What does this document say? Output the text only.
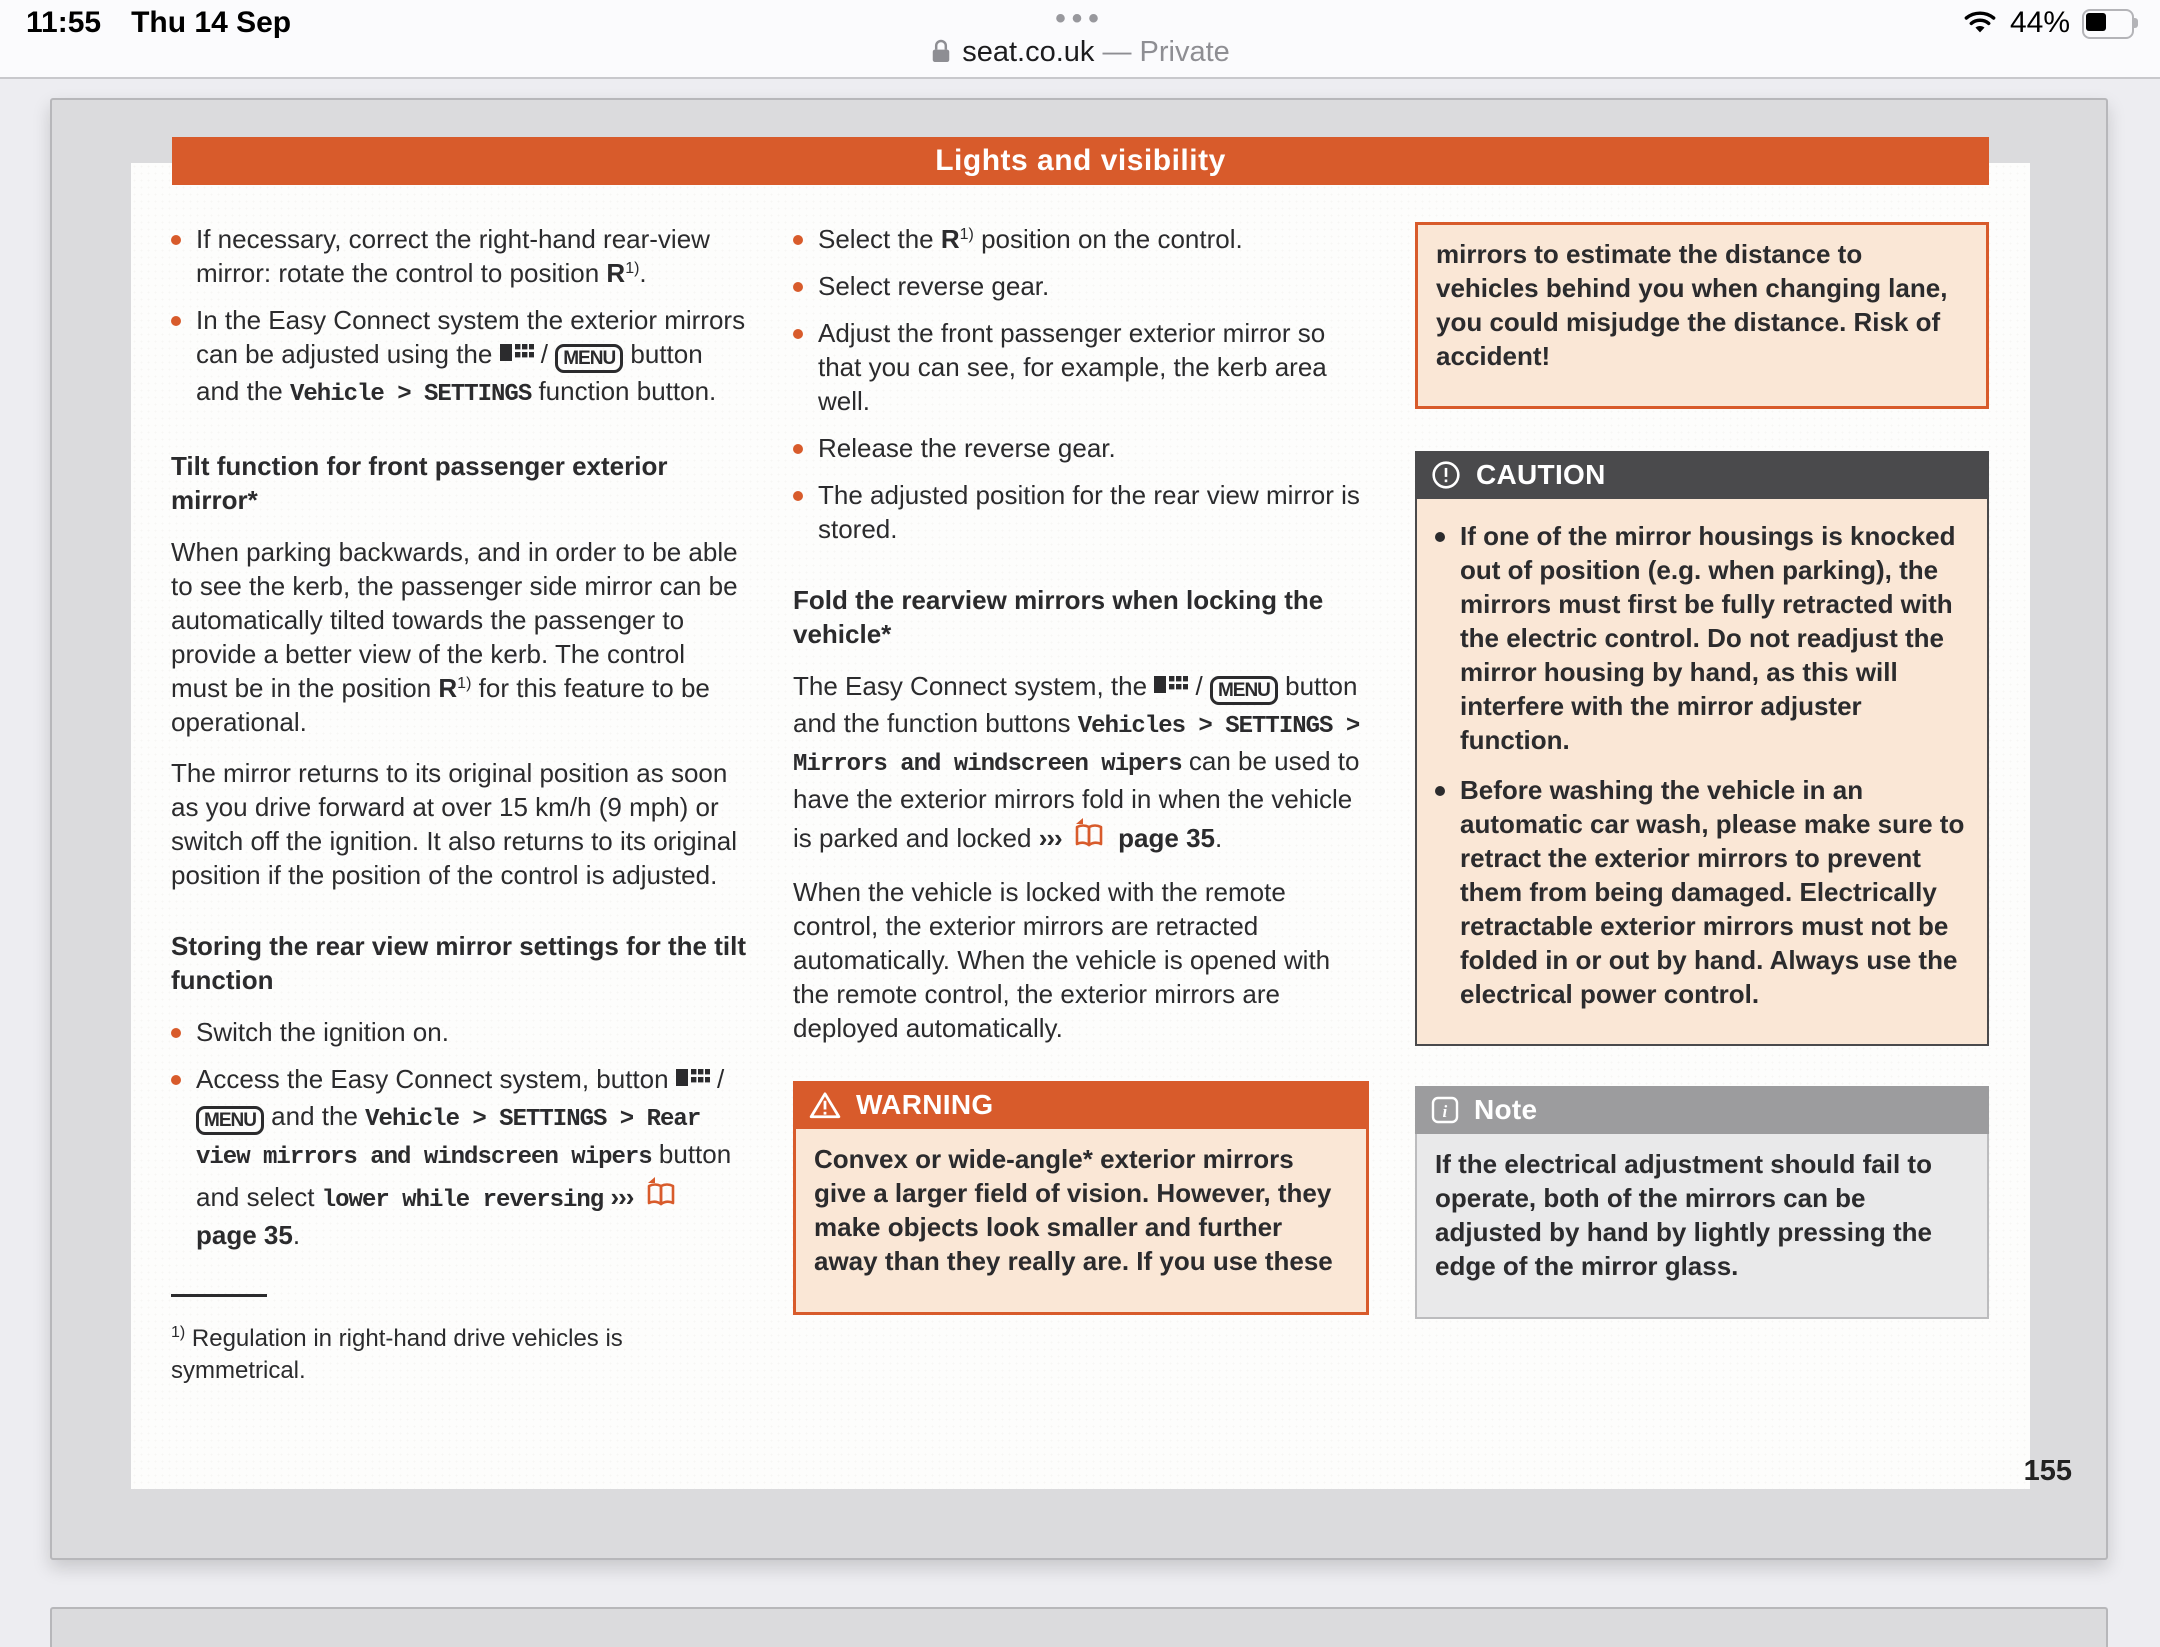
11:55 Thu 14 Sep	•••
seat.co.uk — Private
44%
If necessary, correct the right-hand rear-view mirror: rotate the control to position R$^{1)}$.
In the Easy Connect system the exterior mirrors can be adjusted using the  / MENU button and the Vehicle > SETTINGS function button.
Tilt function for front passenger exterior mirror*
When parking backwards, and in order to be able to see the kerb, the passenger side mirror can be automatically tilted towards the passenger to provide a better view of the kerb. The control must be in the position R$^{1)}$ for this feature to be operational.
The mirror returns to its original position as soon as you drive forward at over 15 km/h (9 mph) or switch off the ignition. It also returns to its original position if the position of the control is adjusted.
Storing the rear view mirror settings for the tilt function
Switch the ignition on.
Access the Easy Connect system, button  / MENU and the Vehicle > SETTINGS > Rear view mirrors and windscreen wipers button and select lower while reversing ›››  page 35.
$^{1)}$ Regulation in right-hand drive vehicles is symmetrical.
Select the R$^{1)}$ position on the control.
Select reverse gear.
Adjust the front passenger exterior mirror so that you can see, for example, the kerb area well.
Release the reverse gear.
The adjusted position for the rear view mirror is stored.
Fold the rearview mirrors when locking the vehicle*
The Easy Connect system, the  / MENU button and the function buttons Vehicles > SETTINGS > Mirrors and windscreen wipers can be used to have the exterior mirrors fold in when the vehicle is parked and locked ››› page 35.
When the vehicle is locked with the remote control, the exterior mirrors are retracted automatically. When the vehicle is opened with the remote control, the exterior mirrors are deployed automatically.
WARNING
Convex or wide-angle* exterior mirrors give a larger field of vision. However, they make objects look smaller and further away than they really are. If you use these
mirrors to estimate the distance to vehicles behind you when changing lane, you could misjudge the distance. Risk of accident!
CAUTION
If one of the mirror housings is knocked out of position (e.g. when parking), the mirrors must first be fully retracted with the electric control. Do not readjust the mirror housing by hand, as this will interfere with the mirror adjuster function.
Before washing the vehicle in an automatic car wash, please make sure to retract the exterior mirrors to prevent them from being damaged. Electrically retractable exterior mirrors must not be folded in or out by hand. Always use the electrical power control.
i Note
If the electrical adjustment should fail to operate, both of the mirrors can be adjusted by hand by lightly pressing the edge of the mirror glass.
Lights and visibility
155
